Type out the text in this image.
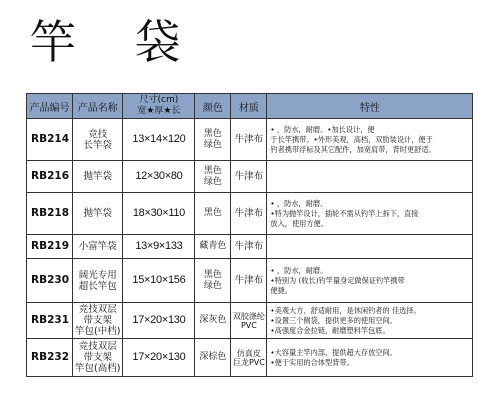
竿 袋
产品编号	产品名称	尺寸(cm)
宽★厚★长	颜色	材质	特性
RB214	竞技
长竿袋	13×14×120	黑色
绿色	牛津布	• ，防水，耐磨。•加长设计，便
于长竿携带。•外形美观，高档，双肋装设计，便于
钓者携带浮标及其它配件，加宽肩带，背时更舒适。

RB216	抛竿袋	12×30×80	黑色
绿色	牛津布	

RB218	抛竿袋	18×30×110	黑色	牛津布	• ，防水，耐磨。
•特为抛竿设计，插轮不需从钓竿上拆下，直接
放入，使用方便。

RB219	小富竿袋	13×9×133	藏青色	牛津布	

RB230	阔光专用
超长竿包	15×10×156	黑色
绿色	牛津布	• ，防水，耐磨。
•特别为 (收长)钓竿量身定做保证钓竿携带
便捷。

RB231	竞技双层
带支架
竿包(中档)	17×20×130	深灰色	双胶涤纶
PVC	•美观大方、舒适耐用，是休闲钓者的 佳选择。
•设置三个侧袋，提供更多的使用空间。
•高强度合金拉链，耐磨塑料竿包底。

RB232	竞技双层
带支架
竿包(高档)	17×20×130	深棕色	仿真皮
巨龙PVC	•大容量主竿内部，提供超大存放空间。
•便于实用的合体型背带。
